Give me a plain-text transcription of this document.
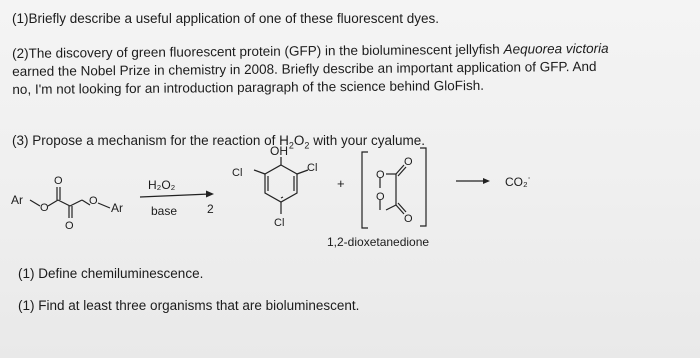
(1)Briefly describe a useful application of one of these fluorescent dyes.
(2)The discovery of green fluorescent protein (GFP) in the bioluminescent jellyfish Aequorea victoria
earned the Nobel Prize in chemistry in 2008. Briefly describe an important application of GFP. And
no, I'm not looking for an introduction paragraph of the science behind GloFish.
(3) Propose a mechanism for the reaction of $H_2O_2$ with your cyalume.
Ar
O
O
O
O Ar
H₂O₂
base 2
OH
Cl	Cl
Cl
+
O
O
O
O
1,2-dioxetanedione
CO₂˙
(1) Define chemiluminescence.
(1) Find at least three organisms that are bioluminescent.
